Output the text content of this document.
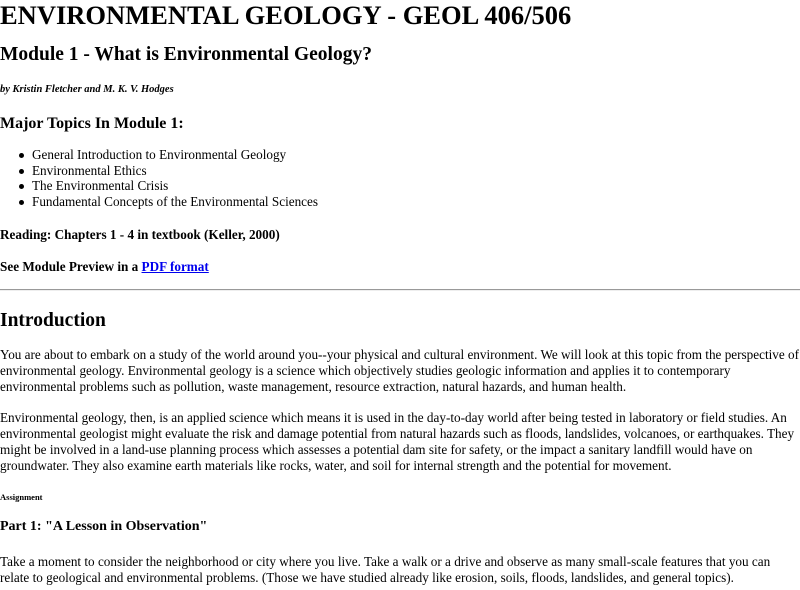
ENVIRONMENTAL GEOLOGY - GEOL 406/506
Module 1 - What is Environmental Geology?
by Kristin Fletcher and M. K. V. Hodges
Major Topics In Module 1:
General Introduction to Environmental Geology
Environmental Ethics
The Environmental Crisis
Fundamental Concepts of the Environmental Sciences
Reading: Chapters 1 - 4 in textbook (Keller, 2000)
See Module Preview in a PDF format
Introduction

You are about to embark on a study of the world around you--your physical and cultural environment. We will look at this topic from the perspective of environmental geology. Environmental geology is a science which objectively studies geologic information and applies it to contemporary environmental problems such as pollution, waste management, resource extraction, natural hazards, and human health.

Environmental geology, then, is an applied science which means it is used in the day-to-day world after being tested in laboratory or field studies. An environmental geologist might evaluate the risk and damage potential from natural hazards such as floods, landslides, volcanoes, or earthquakes. They might be involved in a land-use planning process which assesses a potential dam site for safety, or the impact a sanitary landfill would have on groundwater. They also examine earth materials like rocks, water, and soil for internal strength and the potential for movement.

Assignment
Part 1: "A Lesson in Observation"

Take a moment to consider the neighborhood or city where you live. Take a walk or a drive and observe as many small-scale features that you can relate to geological and environmental problems. (Those we have studied already like erosion, soils, floods, landslides, and general topics).
